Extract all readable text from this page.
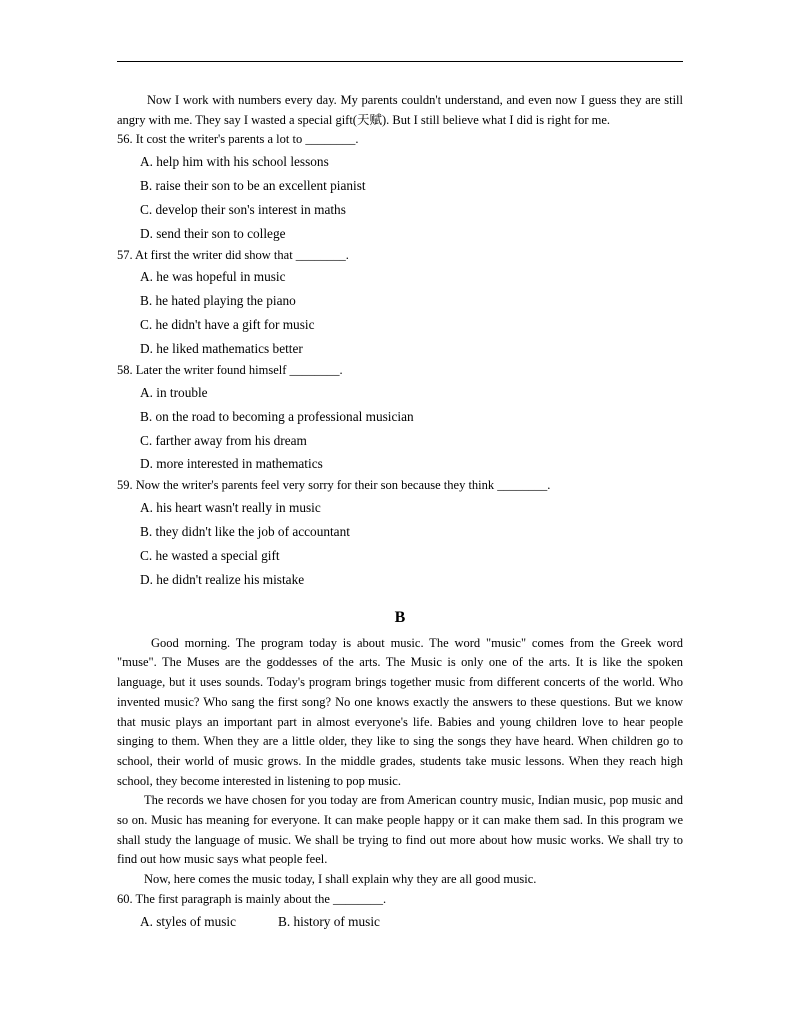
Now I work with numbers every day. My parents couldn't understand, and even now I guess they are still angry with me. They say I wasted a special gift(天赋). But I still believe what I did is right for me.

56. It cost the writer's parents a lot to ________.

A. help him with his school lessons

B. raise their son to be an excellent pianist

C. develop their son's interest in maths

D. send their son to college

57. At first the writer did show that ________.

A. he was hopeful in music

B. he hated playing the piano

C. he didn't have a gift for music

D. he liked mathematics better

58. Later the writer found himself ________.

A. in trouble

B. on the road to becoming a professional musician

C. farther away from his dream

D. more interested in mathematics

59. Now the writer's parents feel very sorry for their son because they think ________.

A. his heart wasn't really in music

B. they didn't like the job of accountant

C. he wasted a special gift

D. he didn't realize his mistake

B

Good morning. The program today is about music. The word "music" comes from the Greek word "muse". The Muses are the goddesses of the arts. The Music is only one of the arts. It is like the spoken language, but it uses sounds. Today's program brings together music from different concerts of the world. Who invented music? Who sang the first song? No one knows exactly the answers to these questions. But we know that music plays an important part in almost everyone's life. Babies and young children love to hear people singing to them. When they are a little older, they like to sing the songs they have heard. When children go to school, their world of music grows. In the middle grades, students take music lessons. When they reach high school, they become interested in listening to pop music.

The records we have chosen for you today are from American country music, Indian music, pop music and so on. Music has meaning for everyone. It can make people happy or it can make them sad. In this program we shall study the language of music. We shall be trying to find out more about how music works. We shall try to find out how music says what people feel.

Now, here comes the music today, I shall explain why they are all good music.

60. The first paragraph is mainly about the ________.

A. styles of music	B. history of music
